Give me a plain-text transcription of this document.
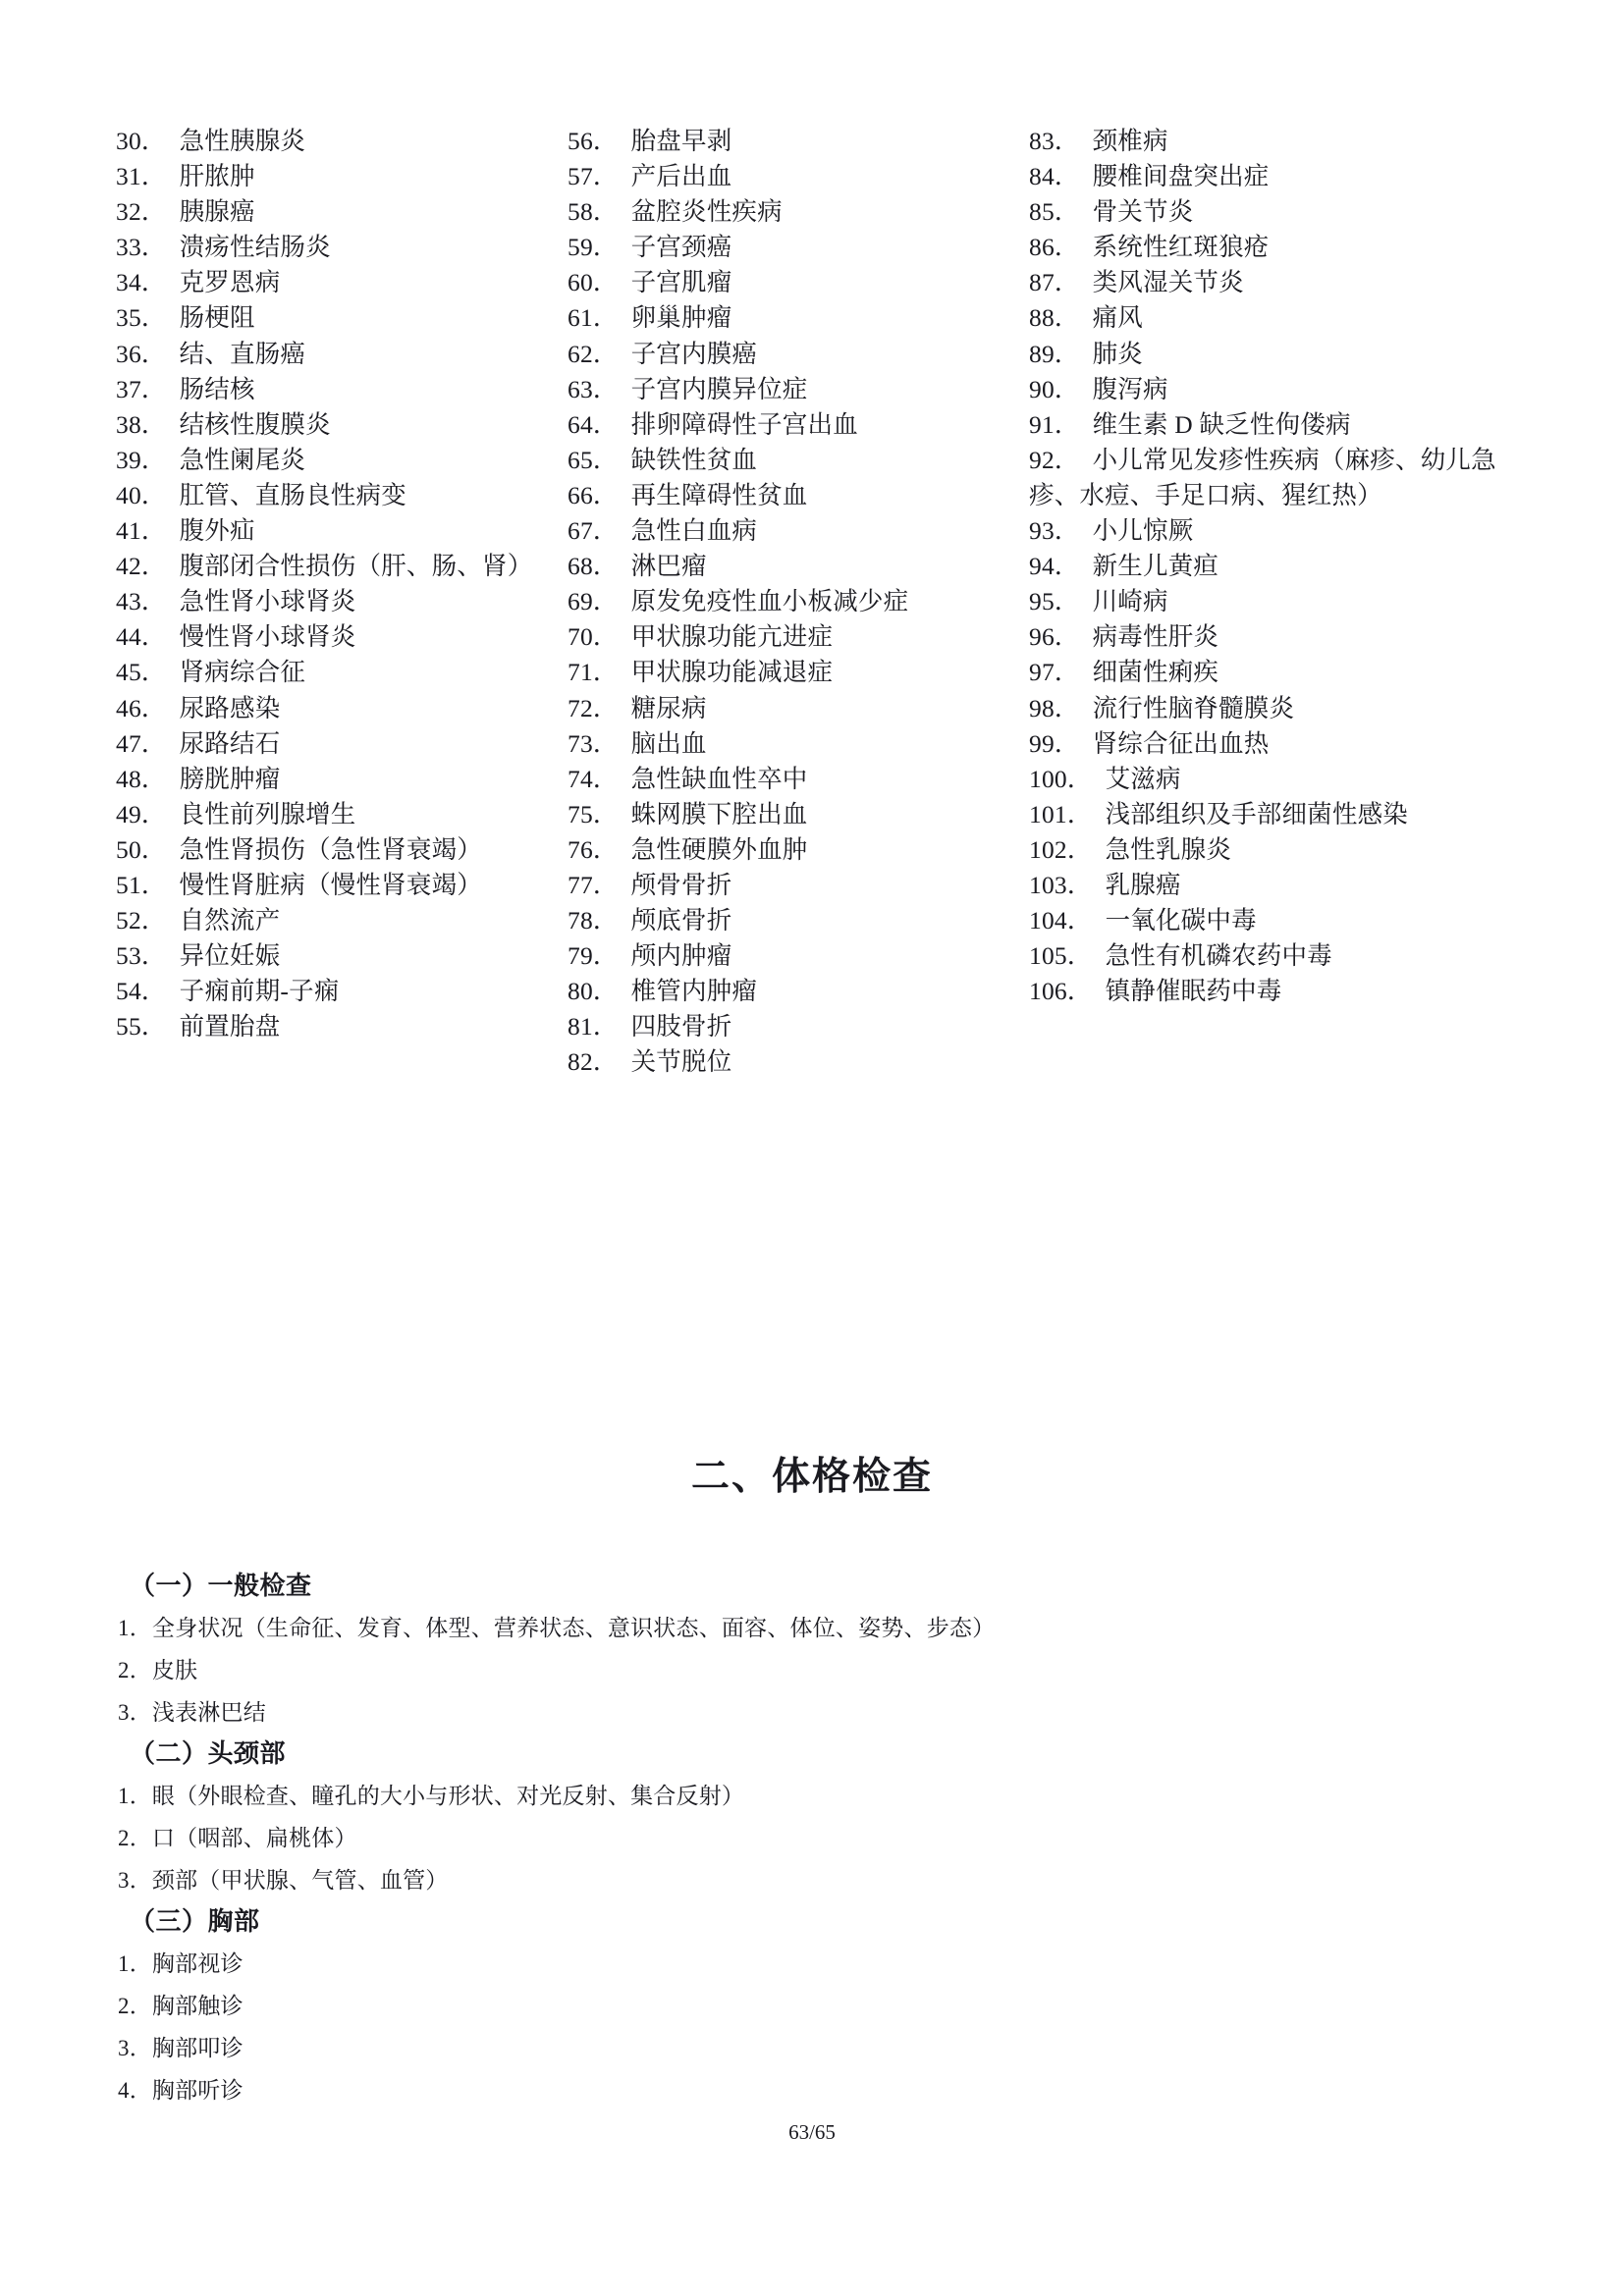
30． 急性胰腺炎
31． 肝脓肿
32． 胰腺癌
33． 溃疡性结肠炎
34． 克罗恩病
35． 肠梗阻
36． 结、直肠癌
37． 肠结核
38． 结核性腹膜炎
39． 急性阑尾炎
40． 肛管、直肠良性病变
41． 腹外疝
42． 腹部闭合性损伤（肝、肠、肾）
43． 急性肾小球肾炎
44． 慢性肾小球肾炎
45． 肾病综合征
46． 尿路感染
47． 尿路结石
48． 膀胱肿瘤
49． 良性前列腺增生
50． 急性肾损伤（急性肾衰竭）
51． 慢性肾脏病（慢性肾衰竭）
52． 自然流产
53． 异位妊娠
54． 子痫前期-子痫
55． 前置胎盘
56． 胎盘早剥
57． 产后出血
58． 盆腔炎性疾病
59． 子宫颈癌
60． 子宫肌瘤
61． 卵巢肿瘤
62． 子宫内膜癌
63． 子宫内膜异位症
64． 排卵障碍性子宫出血
65． 缺铁性贫血
66． 再生障碍性贫血
67． 急性白血病
68． 淋巴瘤
69． 原发免疫性血小板减少症
70． 甲状腺功能亢进症
71． 甲状腺功能减退症
72． 糖尿病
73． 脑出血
74． 急性缺血性卒中
75． 蛛网膜下腔出血
76． 急性硬膜外血肿
77． 颅骨骨折
78． 颅底骨折
79． 颅内肿瘤
80． 椎管内肿瘤
81． 四肢骨折
82． 关节脱位
83． 颈椎病
84． 腰椎间盘突出症
85． 骨关节炎
86． 系统性红斑狼疮
87． 类风湿关节炎
88． 痛风
89． 肺炎
90． 腹泻病
91． 维生素 D 缺乏性佝偻病
92． 小儿常见发疹性疾病（麻疹、幼儿急疹、水痘、手足口病、猩红热）
93． 小儿惊厥
94． 新生儿黄疸
95． 川崎病
96． 病毒性肝炎
97． 细菌性痢疾
98． 流行性脑脊髓膜炎
99． 肾综合征出血热
100． 艾滋病
101． 浅部组织及手部细菌性感染
102． 急性乳腺炎
103． 乳腺癌
104． 一氧化碳中毒
105． 急性有机磷农药中毒
106． 镇静催眠药中毒
二、体格检查
（一）一般检查
1．全身状况（生命征、发育、体型、营养状态、意识状态、面容、体位、姿势、步态）
2．皮肤
3．浅表淋巴结
（二）头颈部
1．眼（外眼检查、瞳孔的大小与形状、对光反射、集合反射）
2．口（咽部、扁桃体）
3．颈部（甲状腺、气管、血管）
（三）胸部
1．胸部视诊
2．胸部触诊
3．胸部叩诊
4．胸部听诊
63/65
